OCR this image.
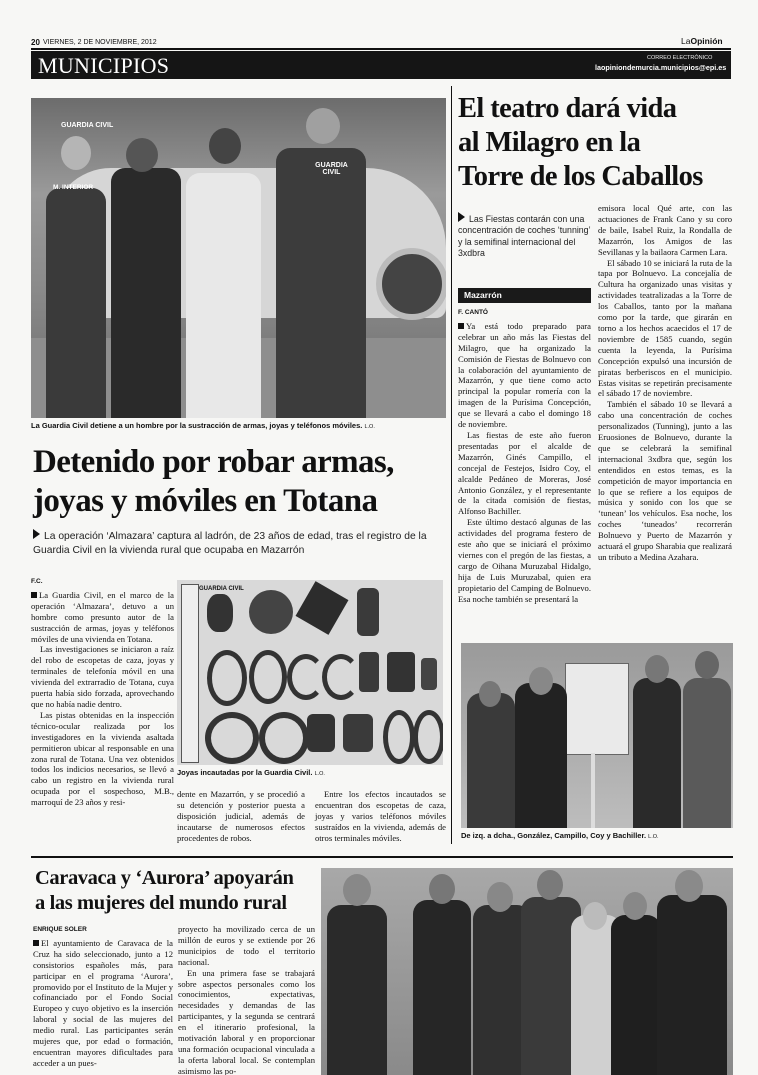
20 VIERNES, 2 DE NOVIEMBRE, 2012	LaOpinión
MUNICIPIOS	CORREO ELECTRÓNICO
laopiniondemurcia.municipios@epi.es
GUARDIA CIVIL
M. INTERIOR
GUARDIA CIVIL
La Guardia Civil detiene a un hombre por la sustracción de armas, joyas y teléfonos móviles. L.O.
Detenido por robar armas,
joyas y móviles en Totana
La operación ‘Almazara’ captura al ladrón, de 23 años de edad, tras el registro de la Guardia Civil en la vivienda rural que ocupaba en Mazarrón
F.C.

La Guardia Civil, en el marco de la operación ‘Almazara’, detuvo a un hombre como presunto autor de la sustracción de armas, joyas y teléfonos móviles de una vivienda en Totana.

Las investigaciones se iniciaron a raíz del robo de escopetas de caza, joyas y terminales de telefonía móvil en una vivienda del extrarradio de Totana, cuya puerta había sido forzada, aprovechando que no había nadie dentro.

Las pistas obtenidas en la inspección técnico-ocular realizada por los investigadores en la vivienda asaltada permitieron ubicar al responsable en una zona rural de Totana. Una vez obtenidos todos los indicios necesarios, se llevó a cabo un registro en la vivienda rural ocupada por el sospechoso, M.B., marroquí de 23 años y resi-

GUARDIA CIVIL
Joyas incautadas por la Guardia Civil. L.O.

dente en Mazarrón, y se procedió a su detención y posterior puesta a disposición judicial, además de incautarse de numerosos efectos procedentes de robos.

Entre los efectos incautados se encuentran dos escopetas de caza, joyas y varios teléfonos móviles sustraídos en la vivienda, además de otros terminales móviles.

El teatro dará vida
al Milagro en la
Torre de los Caballos
Las Fiestas contarán con una concentración de coches ‘tunning’ y la semifinal internacional del 3xdbra
Mazarrón
F. CANTÓ

Ya está todo preparado para celebrar un año más las Fiestas del Milagro, que ha organizado la Comisión de Fiestas de Bolnuevo con la colaboración del ayuntamiento de Mazarrón, y que tiene como acto principal la popular romería con la imagen de la Purísima Concepción, que se llevará a cabo el domingo 18 de noviembre.

Las fiestas de este año fueron presentadas por el alcalde de Mazarrón, Ginés Campillo, el concejal de Festejos, Isidro Coy, el alcalde Pedáneo de Moreras, José Antonio González, y el representante de la citada comisión de fiestas, Alfonso Bachiller.

Este último destacó algunas de las actividades del programa festero de este año que se iniciará el próximo viernes con el pregón de las fiestas, a cargo de Oihana Muruzabal Hidalgo, hija de Luis Muruzabal, quien era propietario del Camping de Bolnuevo. Esa noche también se presentará la

emisora local Qué arte, con las actuaciones de Frank Cano y su coro de baile, Isabel Ruiz, la Rondalla de Mazarrón, los Amigos de las Sevillanas y la bailaora Carmen Lara.

El sábado 10 se iniciará la ruta de la tapa por Bolnuevo. La concejalía de Cultura ha organizado unas visitas y actividades teatralizadas a la Torre de los Caballos, tanto por la mañana como por la tarde, que girarán en torno a los hechos acaecidos el 17 de noviembre de 1585 cuando, según cuenta la leyenda, la Purísima Concepción expulsó una incursión de piratas berberiscos en el municipio. Estas visitas se repetirán precisamente el sábado 17 de noviembre.

También el sábado 10 se llevará a cabo una concentración de coches personalizados (Tunning), junto a las Eruosiones de Bolnuevo, durante la que se celebrará la semifinal internacional 3xdbra que, según los entendidos en estos temas, es la competición de mayor importancia en lo que se refiere a los equipos de música y sonido con los que se ‘tunean’ los vehículos. Esa noche, los coches ‘tuneados’ recorrerán Bolnuevo y Puerto de Mazarrón y actuará el grupo Sharabia que realizará un tributo a Medina Azahara.

De izq. a dcha., González, Campillo, Coy y Bachiller. L.O.
Caravaca y ‘Aurora’ apoyarán
a las mujeres del mundo rural
ENRIQUE SOLER

El ayuntamiento de Caravaca de la Cruz ha sido seleccionado, junto a 12 consistorios españoles más, para participar en el programa ‘Aurora’, promovido por el Instituto de la Mujer y cofinanciado por el Fondo Social Europeo y cuyo objetivo es la inserción laboral y social de las mujeres del medio rural. Las participantes serán mujeres que, por edad o formación, encuentran mayores dificultades para acceder a un pues-

proyecto ha movilizado cerca de un millón de euros y se extiende por 26 municipios de todo el territorio nacional.

En una primera fase se trabajará sobre aspectos personales como los conocimientos, expectativas, necesidades y demandas de las participantes, y la segunda se centrará en el itinerario profesional, la motivación laboral y en proporcionar una formación ocupacional vinculada a la oferta laboral local. Se contemplan asimismo las po-
